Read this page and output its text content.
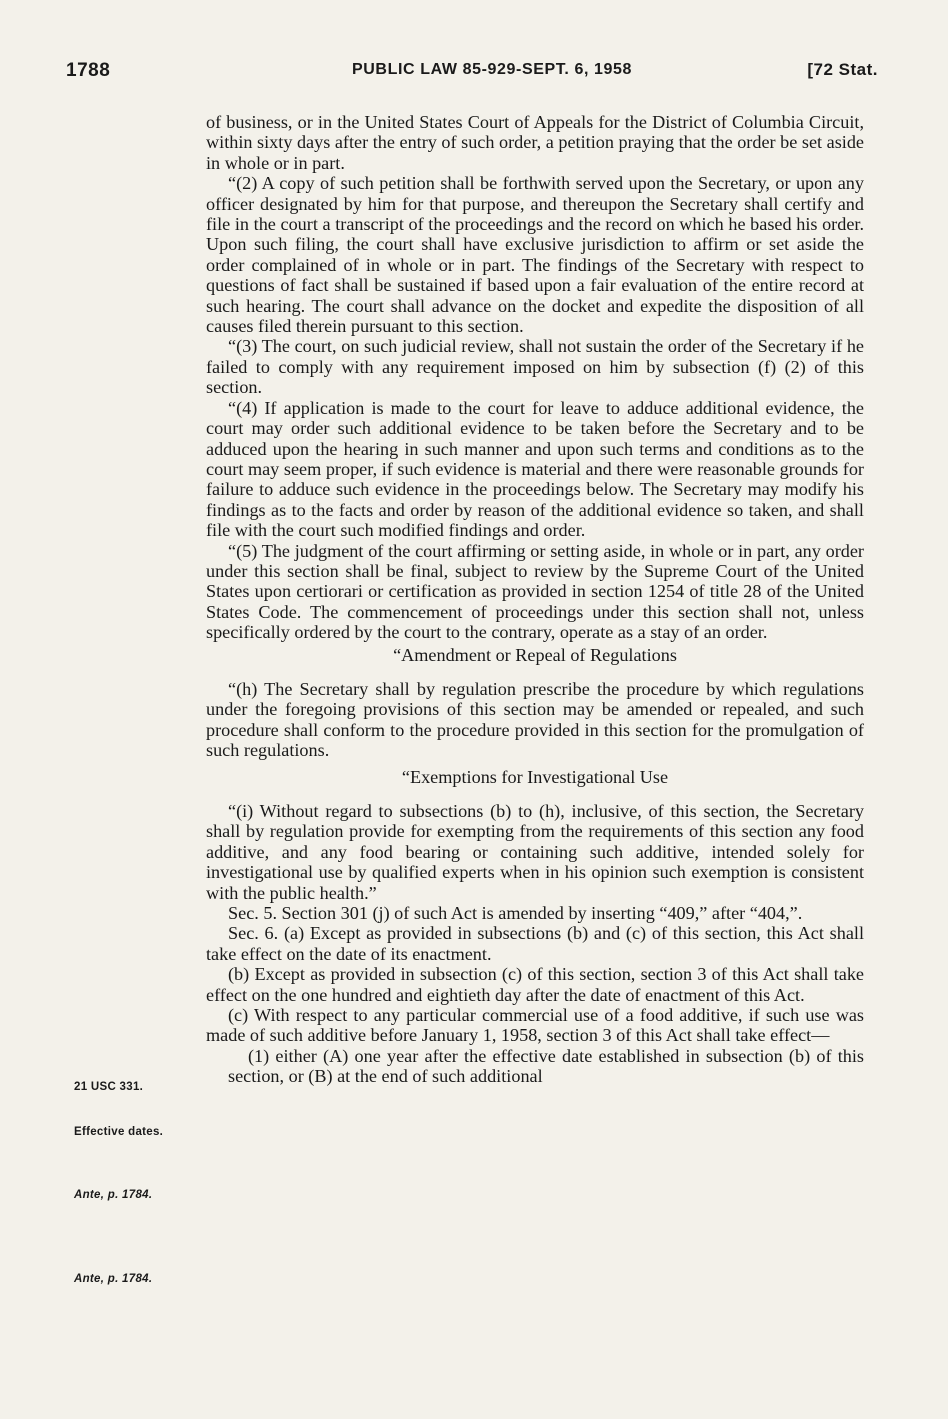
1788	PUBLIC LAW 85-929-SEPT. 6, 1958	[72 Stat.

of business, or in the United States Court of Appeals for the District of Columbia Circuit, within sixty days after the entry of such order, a petition praying that the order be set aside in whole or in part.

“(2) A copy of such petition shall be forthwith served upon the Secretary, or upon any officer designated by him for that purpose, and thereupon the Secretary shall certify and file in the court a transcript of the proceedings and the record on which he based his order. Upon such filing, the court shall have exclusive jurisdiction to affirm or set aside the order complained of in whole or in part. The findings of the Secretary with respect to questions of fact shall be sustained if based upon a fair evaluation of the entire record at such hearing. The court shall advance on the docket and expedite the disposition of all causes filed therein pursuant to this section.

“(3) The court, on such judicial review, shall not sustain the order of the Secretary if he failed to comply with any requirement imposed on him by subsection (f) (2) of this section.

“(4) If application is made to the court for leave to adduce additional evidence, the court may order such additional evidence to be taken before the Secretary and to be adduced upon the hearing in such manner and upon such terms and conditions as to the court may seem proper, if such evidence is material and there were reasonable grounds for failure to adduce such evidence in the proceedings below. The Secretary may modify his findings as to the facts and order by reason of the additional evidence so taken, and shall file with the court such modified findings and order.

“(5) The judgment of the court affirming or setting aside, in whole or in part, any order under this section shall be final, subject to review by the Supreme Court of the United States upon certiorari or certification as provided in section 1254 of title 28 of the United States Code. The commencement of proceedings under this section shall not, unless specifically ordered by the court to the contrary, operate as a stay of an order.

“Amendment or Repeal of Regulations

“(h) The Secretary shall by regulation prescribe the procedure by which regulations under the foregoing provisions of this section may be amended or repealed, and such procedure shall conform to the procedure provided in this section for the promulgation of such regulations.

“Exemptions for Investigational Use

“(i) Without regard to subsections (b) to (h), inclusive, of this section, the Secretary shall by regulation provide for exempting from the requirements of this section any food additive, and any food bearing or containing such additive, intended solely for investigational use by qualified experts when in his opinion such exemption is consistent with the public health.”

Sec. 5. Section 301 (j) of such Act is amended by inserting “409,” after “404,”.

Sec. 6. (a) Except as provided in subsections (b) and (c) of this section, this Act shall take effect on the date of its enactment.

(b) Except as provided in subsection (c) of this section, section 3 of this Act shall take effect on the one hundred and eightieth day after the date of enactment of this Act.

(c) With respect to any particular commercial use of a food additive, if such use was made of such additive before January 1, 1958, section 3 of this Act shall take effect—

(1) either (A) one year after the effective date established in subsection (b) of this section, or (B) at the end of such additional

21 USC 331.
Effective dates.
Ante, p. 1784.
Ante, p. 1784.
